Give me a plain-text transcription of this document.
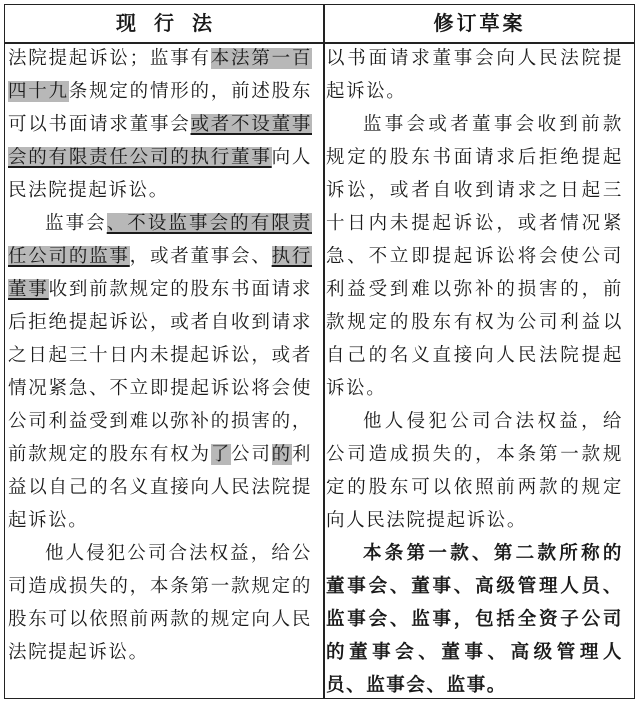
现行法	修订草案

法院提起诉讼；监事有本法第一百四十九条规定的情形的，前述股东可以书面请求董事会或者不设董事会的有限责任公司的执行董事向人民法院提起诉讼。

监事会、不设监事会的有限责任公司的监事，或者董事会、执行董事收到前款规定的股东书面请求后拒绝提起诉讼，或者自收到请求之日起三十日内未提起诉讼，或者情况紧急、不立即提起诉讼将会使公司利益受到难以弥补的损害的，前款规定的股东有权为了公司的利益以自己的名义直接向人民法院提起诉讼。

他人侵犯公司合法权益，给公司造成损失的，本条第一款规定的股东可以依照前两款的规定向人民法院提起诉讼。

以书面请求董事会向人民法院提起诉讼。

监事会或者董事会收到前款规定的股东书面请求后拒绝提起诉讼，或者自收到请求之日起三十日内未提起诉讼，或者情况紧急、不立即提起诉讼将会使公司利益受到难以弥补的损害的，前款规定的股东有权为公司利益以自己的名义直接向人民法院提起诉讼。

他人侵犯公司合法权益，给公司造成损失的，本条第一款规定的股东可以依照前两款的规定向人民法院提起诉讼。

本条第一款、第二款所称的董事会、董事、高级管理人员、监事会、监事，包括全资子公司的董事会、董事、高级管理人员、监事会、监事。
